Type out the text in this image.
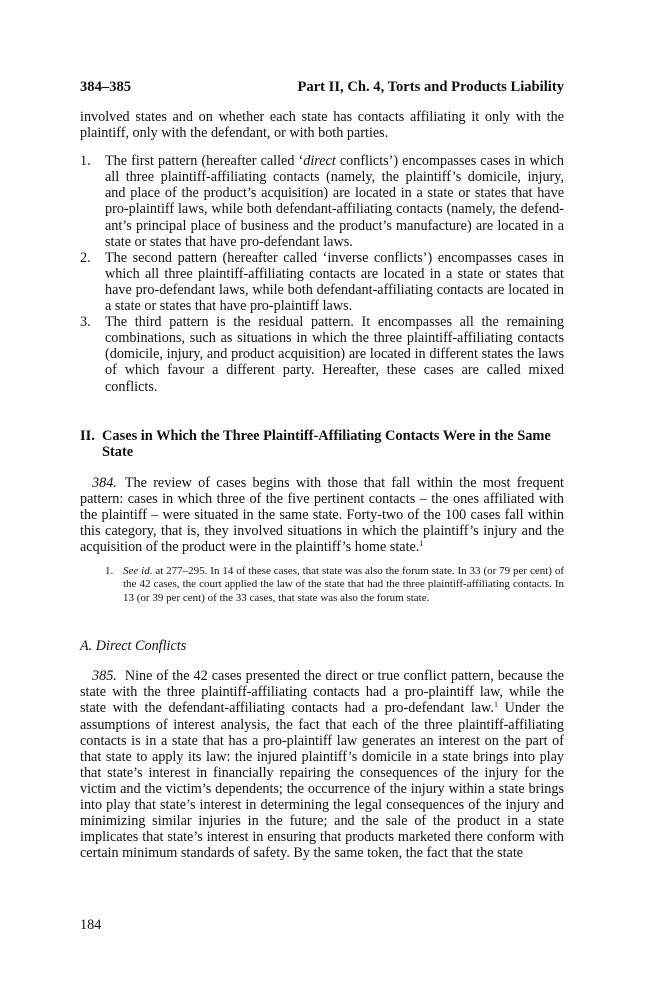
384–385	Part II, Ch. 4, Torts and Products Liability

involved states and on whether each state has contacts affiliating it only with the plaintiff, only with the defendant, or with both parties.

1. The first pattern (hereafter called ‘direct conflicts’) encompasses cases in which all three plaintiff-affiliating contacts (namely, the plaintiff’s domicile, injury, and place of the product’s acquisition) are located in a state or states that have pro-plaintiff laws, while both defendant-affiliating contacts (namely, the defendant’s principal place of business and the product’s manufacture) are located in a state or states that have pro-defendant laws.
2. The second pattern (hereafter called ‘inverse conflicts’) encompasses cases in which all three plaintiff-affiliating contacts are located in a state or states that have pro-defendant laws, while both defendant-affiliating contacts are located in a state or states that have pro-plaintiff laws.
3. The third pattern is the residual pattern. It encompasses all the remaining combinations, such as situations in which the three plaintiff-affiliating contacts (domicile, injury, and product acquisition) are located in different states the laws of which favour a different party. Hereafter, these cases are called mixed conflicts.
II. Cases in Which the Three Plaintiff-Affiliating Contacts Were in the Same State

384. The review of cases begins with those that fall within the most frequent pattern: cases in which three of the five pertinent contacts – the ones affiliated with the plaintiff – were situated in the same state. Forty-two of the 100 cases fall within this category, that is, they involved situations in which the plaintiff’s injury and the acquisition of the product were in the plaintiff’s home state.$^1$

1. See id. at 277–295. In 14 of these cases, that state was also the forum state. In 33 (or 79 per cent) of the 42 cases, the court applied the law of the state that had the three plaintiff-affiliating contacts. In 13 (or 39 per cent) of the 33 cases, that state was also the forum state.
A. Direct Conflicts

385. Nine of the 42 cases presented the direct or true conflict pattern, because the state with the three plaintiff-affiliating contacts had a pro-plaintiff law, while the state with the defendant-affiliating contacts had a pro-defendant law.$^1$ Under the assumptions of interest analysis, the fact that each of the three plaintiff-affiliating contacts is in a state that has a pro-plaintiff law generates an interest on the part of that state to apply its law: the injured plaintiff’s domicile in a state brings into play that state’s interest in financially repairing the consequences of the injury for the victim and the victim’s dependents; the occurrence of the injury within a state brings into play that state’s interest in determining the legal consequences of the injury and minimizing similar injuries in the future; and the sale of the product in a state implicates that state’s interest in ensuring that products marketed there conform with certain minimum standards of safety. By the same token, the fact that the state

184
